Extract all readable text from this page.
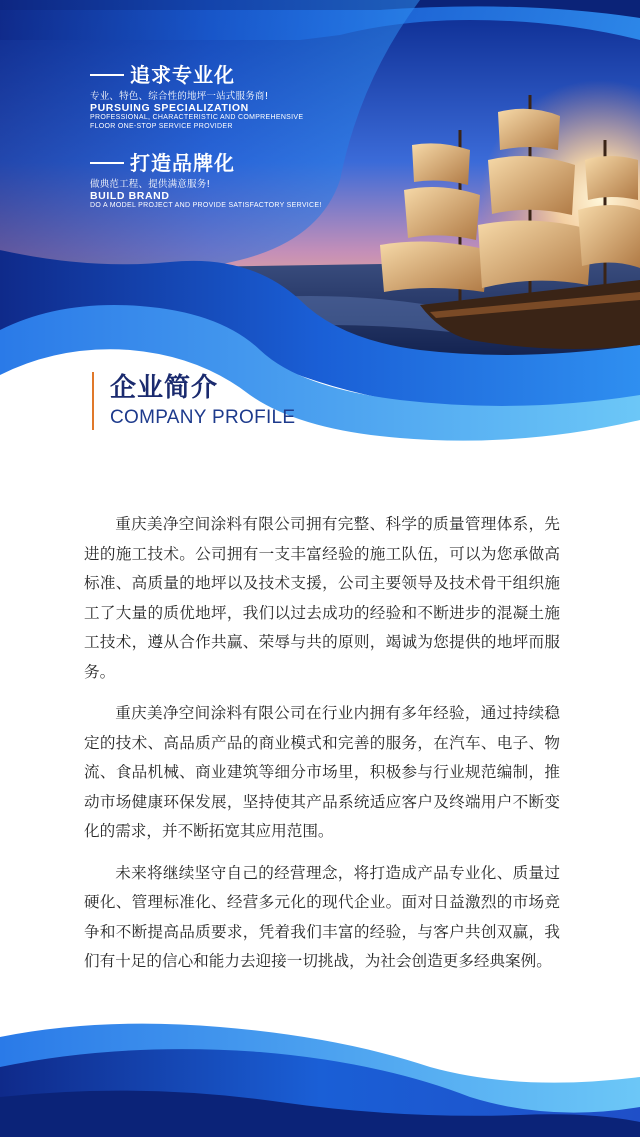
追求专业化
专业、特色、综合性的地坪一站式服务商!
PURSUING SPECIALIZATION
PROFESSIONAL, CHARACTERISTIC AND COMPREHENSIVE
FLOOR ONE-STOP SERVICE PROVIDER
打造品牌化
做典范工程、提供满意服务!
BUILD BRAND
DO A MODEL PROJECT AND PROVIDE SATISFACTORY SERVICE!
企业简介
COMPANY PROFILE

重庆美净空间涂料有限公司拥有完整、科学的质量管理体系，先进的施工技术。公司拥有一支丰富经验的施工队伍，可以为您承做高标准、高质量的地坪以及技术支援，公司主要领导及技术骨干组织施工了大量的质优地坪，我们以过去成功的经验和不断进步的混凝土施工技术，遵从合作共赢、荣辱与共的原则，竭诚为您提供的地坪而服务。

重庆美净空间涂料有限公司在行业内拥有多年经验，通过持续稳定的技术、高品质产品的商业模式和完善的服务，在汽车、电子、物流、食品机械、商业建筑等细分市场里，积极参与行业规范编制，推动市场健康环保发展，坚持使其产品系统适应客户及终端用户不断变化的需求，并不断拓宽其应用范围。

未来将继续坚守自己的经营理念，将打造成产品专业化、质量过硬化、管理标准化、经营多元化的现代企业。面对日益激烈的市场竞争和不断提高品质要求，凭着我们丰富的经验，与客户共创双赢，我们有十足的信心和能力去迎接一切挑战，为社会创造更多经典案例。
